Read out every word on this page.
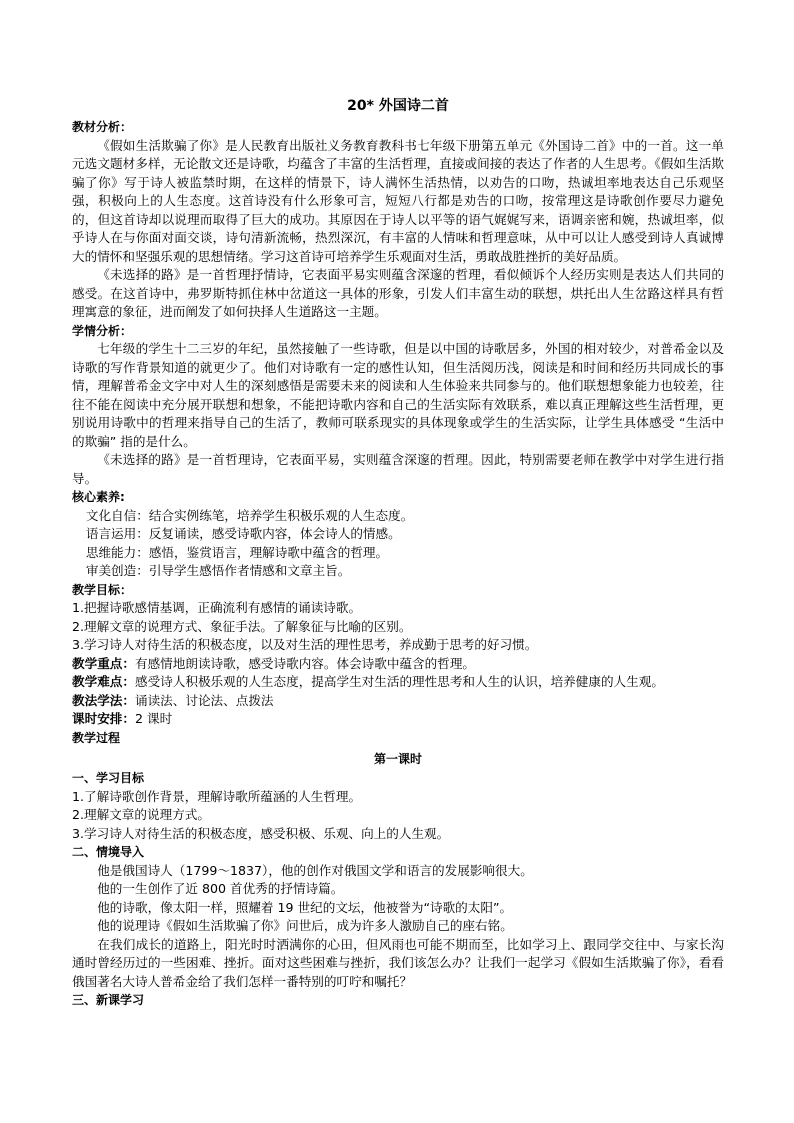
20* 外国诗二首
教材分析：

《假如生活欺骗了你》是人民教育出版社义务教育教科书七年级下册第五单元《外国诗二首》中的一首。这一单元选文题材多样，无论散文还是诗歌，均蕴含了丰富的生活哲理，直接或间接的表达了作者的人生思考。《假如生活欺骗了你》写于诗人被监禁时期，在这样的情景下，诗人满怀生活热情，以劝告的口吻，热诚坦率地表达自己乐观坚强，积极向上的人生态度。这首诗没有什么形象可言，短短八行都是劝告的口吻，按常理这是诗歌创作要尽力避免的，但这首诗却以说理而取得了巨大的成功。其原因在于诗人以平等的语气娓娓写来，语调亲密和婉，热诚坦率，似乎诗人在与你面对面交谈，诗句清新流畅，热烈深沉，有丰富的人情味和哲理意味，从中可以让人感受到诗人真诚博大的情怀和坚强乐观的思想情绪。学习这首诗可培养学生乐观面对生活，勇敢战胜挫折的美好品质。

《未选择的路》是一首哲理抒情诗，它表面平易实则蕴含深邃的哲理，看似倾诉个人经历实则是表达人们共同的感受。在这首诗中，弗罗斯特抓住林中岔道这一具体的形象，引发人们丰富生动的联想，烘托出人生岔路这样具有哲理寓意的象征，进而阐发了如何抉择人生道路这一主题。

学情分析：

七年级的学生十二三岁的年纪，虽然接触了一些诗歌，但是以中国的诗歌居多，外国的相对较少，对普希金以及诗歌的写作背景知道的就更少了。他们对诗歌有一定的感性认知，但生活阅历浅，阅读是和时间和经历共同成长的事情，理解普希金文字中对人生的深刻感悟是需要未来的阅读和人生体验来共同参与的。他们联想想象能力也较差，往往不能在阅读中充分展开联想和想象，不能把诗歌内容和自己的生活实际有效联系，难以真正理解这些生活哲理，更别说用诗歌中的哲理来指导自己的生活了，教师可联系现实的具体现象或学生的生活实际，让学生具体感受 “生活中的欺骗” 指的是什么。

《未选择的路》是一首哲理诗，它表面平易，实则蕴含深邃的哲理。因此，特别需要老师在教学中对学生进行指导。

核心素养:
文化自信：结合实例练笔，培养学生积极乐观的人生态度。
语言运用：反复诵读，感受诗歌内容，体会诗人的情感。
思维能力：感悟，鉴赏语言，理解诗歌中蕴含的哲理。
审美创造：引导学生感悟作者情感和文章主旨。
教学目标：
1.把握诗歌感情基调，正确流利有感情的诵读诗歌。
2.理解文章的说理方式、象征手法。了解象征与比喻的区别。
3.学习诗人对待生活的积极态度，以及对生活的理性思考，养成勤于思考的好习惯。
教学重点：有感情地朗读诗歌，感受诗歌内容。体会诗歌中蕴含的哲理。
教学难点：感受诗人积极乐观的人生态度，提高学生对生活的理性思考和人生的认识，培养健康的人生观。
教法学法：诵读法、讨论法、点拨法
课时安排：2 课时
教学过程
第一课时
一、学习目标
1.了解诗歌创作背景，理解诗歌所蕴涵的人生哲理。
2.理解文章的说理方式。
3.学习诗人对待生活的积极态度，感受积极、乐观、向上的人生观。
二、情境导入
他是俄国诗人（1799～1837），他的创作对俄国文学和语言的发展影响很大。
他的一生创作了近 800 首优秀的抒情诗篇。
他的诗歌，像太阳一样，照耀着 19 世纪的文坛，他被誉为“诗歌的太阳”。
他的说理诗《假如生活欺骗了你》问世后，成为许多人激励自己的座右铭。

在我们成长的道路上，阳光时时洒满你的心田，但风雨也可能不期而至，比如学习上、跟同学交往中、与家长沟通时曾经历过的一些困难、挫折。面对这些困难与挫折，我们该怎么办？让我们一起学习《假如生活欺骗了你》，看看俄国著名大诗人普希金给了我们怎样一番特别的叮咛和嘱托？

三、新课学习
